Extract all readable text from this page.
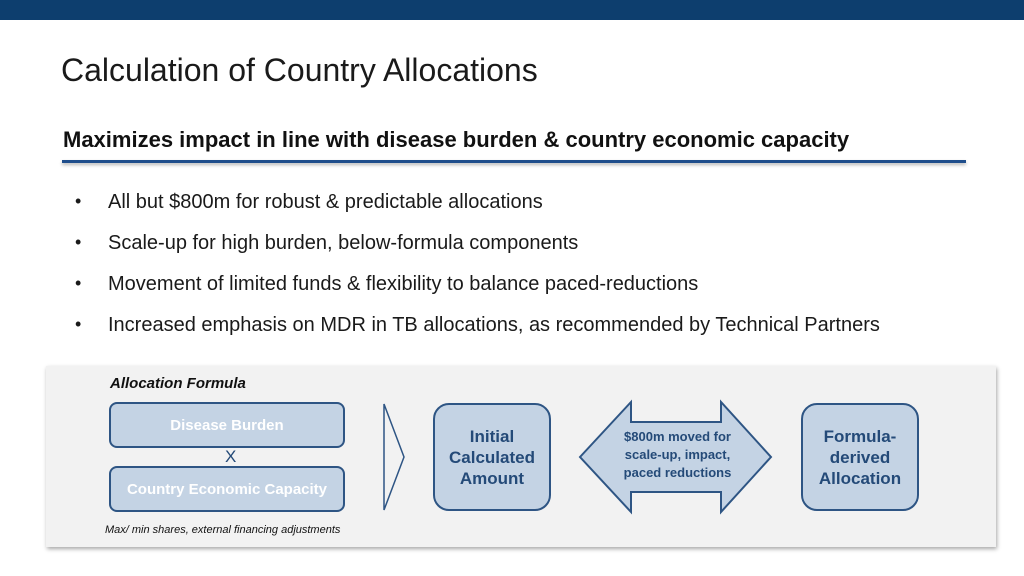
Calculation of Country Allocations
Maximizes impact in line with disease burden & country economic capacity
• All but $800m for robust & predictable allocations
• Scale-up for high burden, below-formula components
• Movement of limited funds & flexibility to balance paced-reductions
• Increased emphasis on MDR in TB allocations, as recommended by Technical Partners
Allocation Formula
Disease Burden
X
Country Economic Capacity
Initial Calculated Amount
$800m moved for scale-up, impact, paced reductions
Formula-derived Allocation
Max/ min shares, external financing adjustments
